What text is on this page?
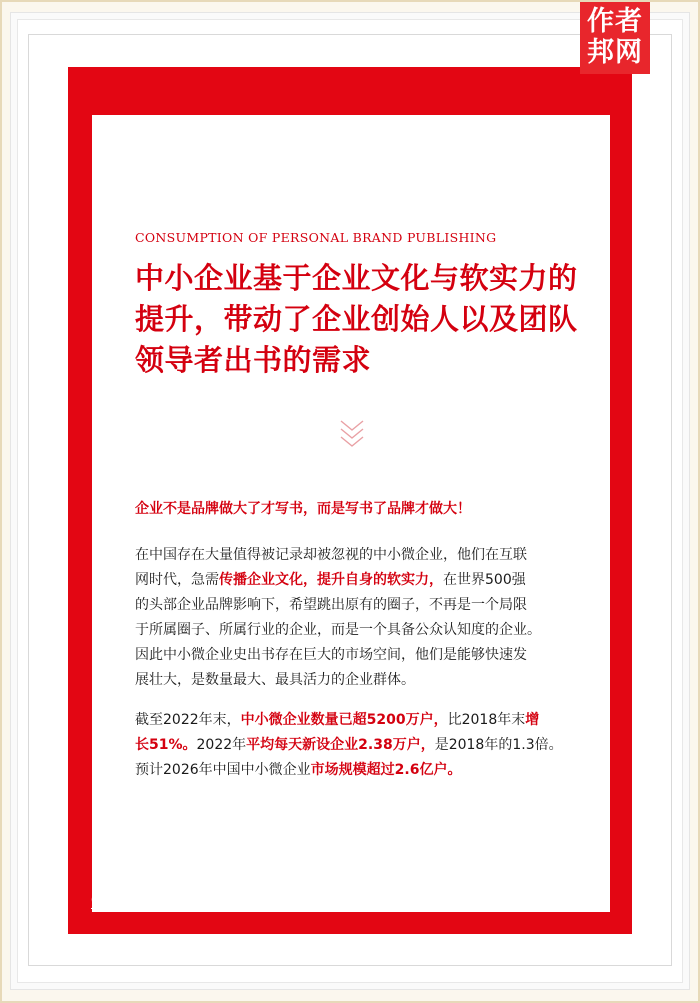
作者
邦网
CONSUMPTION OF PERSONAL BRAND PUBLISHING
中小企业基于企业文化与软实力的
提升，带动了企业创始人以及团队
领导者出书的需求
企业不是品牌做大了才写书，而是写书了品牌才做大！
在中国存在大量值得被记录却被忽视的中小微企业，他们在互联
网时代，急需传播企业文化，提升自身的软实力，在世界500强
的头部企业品牌影响下，希望跳出原有的圈子，不再是一个局限
于所属圈子、所属行业的企业，而是一个具备公众认知度的企业。
因此中小微企业史出书存在巨大的市场空间，他们是能够快速发
展壮大，是数量最大、最具活力的企业群体。
截至2022年末，中小微企业数量已超5200万户，比2018年末增
长51%。2022年平均每天新设企业2.38万户，是2018年的1.3倍。
预计2026年中国中小微企业市场规模超过2.6亿户。
05
